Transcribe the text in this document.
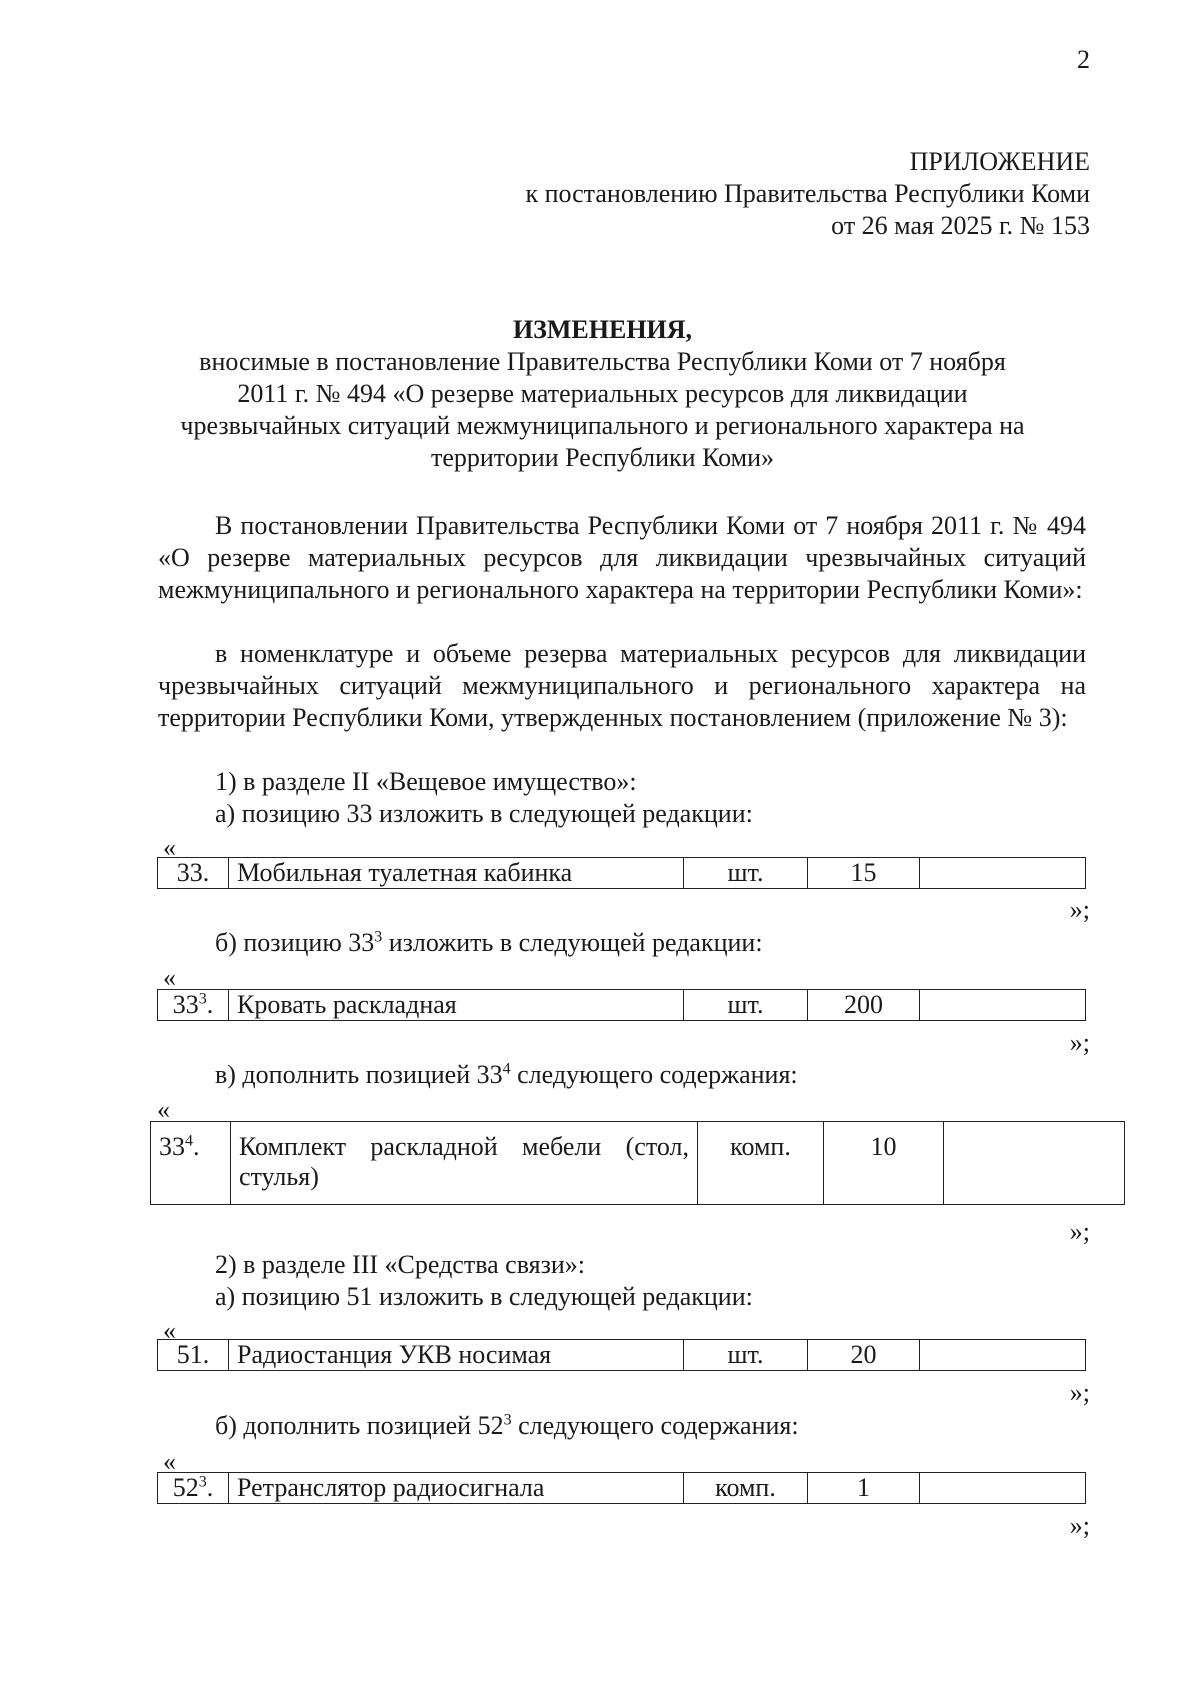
2
ПРИЛОЖЕНИЕ
к постановлению Правительства Республики Коми
от 26 мая 2025 г. № 153
ИЗМЕНЕНИЯ,
вносимые в постановление Правительства Республики Коми от 7 ноября
2011 г. № 494 «О резерве материальных ресурсов для ликвидации
чрезвычайных ситуаций межмуниципального и регионального характера на
территории Республики Коми»
В постановлении Правительства Республики Коми от 7 ноября 2011 г. № 494 «О резерве материальных ресурсов для ликвидации чрезвычайных ситуаций межмуниципального и регионального характера на территории Республики Коми»:
в номенклатуре и объеме резерва материальных ресурсов для ликвидации чрезвычайных ситуаций межмуниципального и регионального характера на территории Республики Коми, утвержденных постановлением (приложение № 3):
1) в разделе II «Вещевое имущество»:
а) позицию 33 изложить в следующей редакции:
«
33.	Мобильная туалетная кабинка	шт.	15	
»;
б) позицию $33^3$ изложить в следующей редакции:
«
$33^3$.	Кровать раскладная	шт.	200	
»;
в) дополнить позицией $33^4$ следующего содержания:
«
$33^4$.	Комплект раскладной мебели (стол, стулья)	комп.	10	
»;
2) в разделе III «Средства связи»:
а) позицию 51 изложить в следующей редакции:
«
51.	Радиостанция УКВ носимая	шт.	20	
»;
б) дополнить позицией $52^3$ следующего содержания:
«
$52^3$.	Ретранслятор радиосигнала	комп.	1	
»;
